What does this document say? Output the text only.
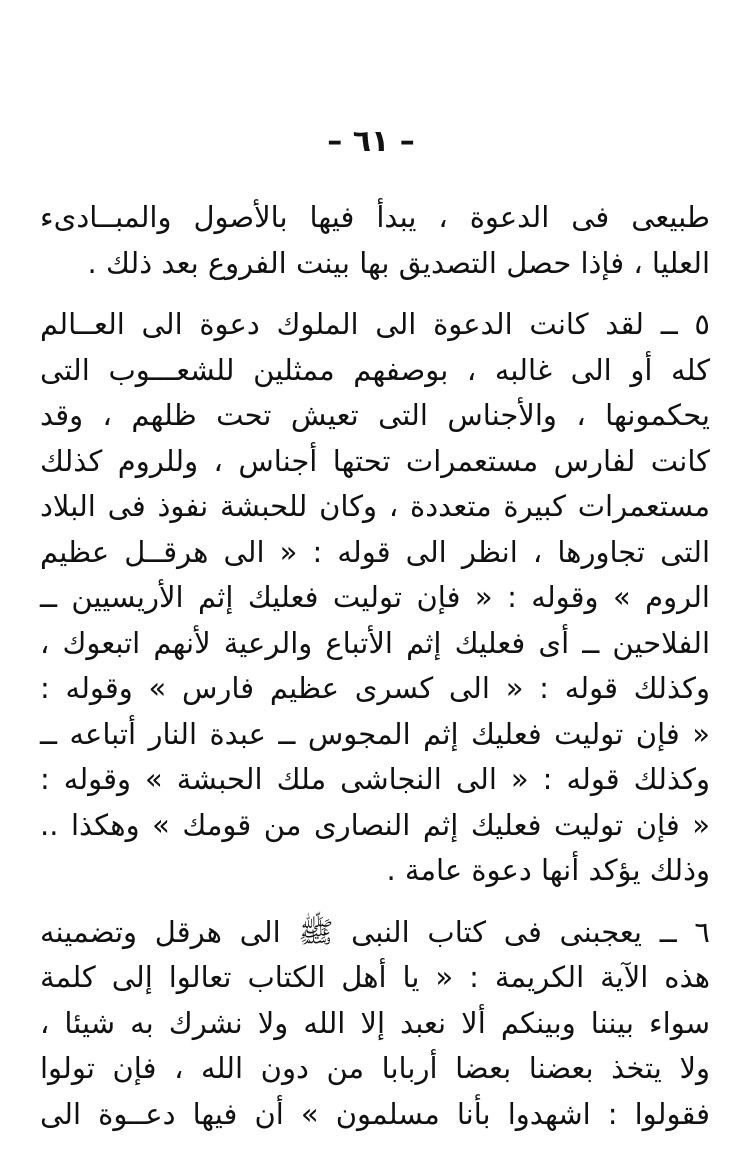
– ٦١ –
طبيعى فى الدعوة ، يبدأ فيها بالأصول والمبــادىء
العليا ، فإذا حصل التصديق بها بينت الفروع بعد ذلك .
٥ ــ لقد كانت الدعوة الى الملوك دعوة الى العــالم
كله أو الى غالبه ، بوصفهم ممثلين للشعـــوب التى
يحكمونها ، والأجناس التى تعيش تحت ظلهم ، وقد
كانت لفارس مستعمرات تحتها أجناس ، وللروم كذلك
مستعمرات كبيرة متعددة ، وكان للحبشة نفوذ فى البلاد
التى تجاورها ، انظر الى قوله : « الى هرقــل عظيم
الروم » وقوله : « فإن توليت فعليك إثم الأريسيين ــ
الفلاحين ــ أى فعليك إثم الأتباع والرعية لأنهم اتبعوك ،
وكذلك قوله : « الى كسرى عظيم فارس » وقوله :
« فإن توليت فعليك إثم المجوس ــ عبدة النار أتباعه ــ
وكذلك قوله : « الى النجاشى ملك الحبشة » وقوله :
« فإن توليت فعليك إثم النصارى من قومك » وهكذا ..
وذلك يؤكد أنها دعوة عامة .
٦ ــ يعجبنى فى كتاب النبى ﷺ الى هرقل وتضمينه
هذه الآية الكريمة : « يا أهل الكتاب تعالوا إلى كلمة
سواء بيننا وبينكم ألا نعبد إلا الله ولا نشرك به شيئا ،
ولا يتخذ بعضنا بعضا أربابا من دون الله ، فإن تولوا
فقولوا : اشهدوا بأنا مسلمون » أن فيها دعــوة الى
